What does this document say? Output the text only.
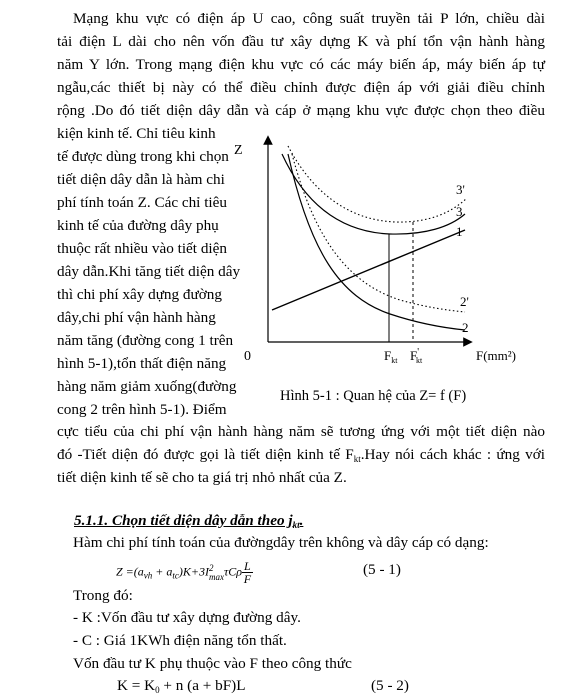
Mạng khu vực có điện áp U cao, công suất truyền tải P lớn, chiều dài
tải điện L dài cho nên vốn đầu tư xây dựng K và phí tổn vận hành hàng
năm Y lớn. Trong mạng điện khu vực có các máy biến áp, máy biến áp tự
ngẫu,các thiết bị này có thể điều chỉnh được điện áp với giải điều chỉnh
rộng .Do đó tiết diện dây dẫn và cáp ở mạng khu vực được chọn theo điều
kiện kinh tế. Chỉ tiêu kinh
tế được dùng trong khi chọn
tiết diện dây dẫn là hàm chi
phí tính toán Z. Các chỉ tiêu
kinh tế của đường dây phụ
thuộc rất nhiều vào tiết diện
dây dẫn.Khi tăng tiết diện dây
thì chi phí xây dựng đường
dây,chi phí vận hành hàng
năm tăng (đường cong 1 trên
hình 5-1),tổn thất điện năng
hàng năm giảm xuống(đường
cong 2 trên hình 5-1). Điểm
Z
0
3'
3
1
2'
2
$F_{kt}$ F' kt	F(mm²)
Hình 5-1 : Quan hệ của Z= f (F)
cực tiểu của chi phí vận hành hàng năm sẽ tương ứng với một tiết diện nào
đó -Tiết diện đó được gọi là tiết diện kinh tế $F_{kt}.Hay$ nói cách khác : ứng với
tiết diện kinh tế sẽ cho ta giá trị nhỏ nhất của Z.
5.1.1. Chọn tiết diện dây dẫn theo $j_{kt}$.
Hàm chi phí tính toán của đườngdây trên không và dây cáp có dạng:
$Z =(a_{vh} + a_{tc})K+3I$ 2
max τCρ $\frac{L}{F}$	(5 - 1)
Trong đó:
- K :Vốn đầu tư xây dựng đường dây.
- C : Giá 1KWh điện năng tổn thất.
Vốn đầu tư K phụ thuộc vào F theo công thức
$K = K_0 + n$ (a + bF)L	(5 - 2)
